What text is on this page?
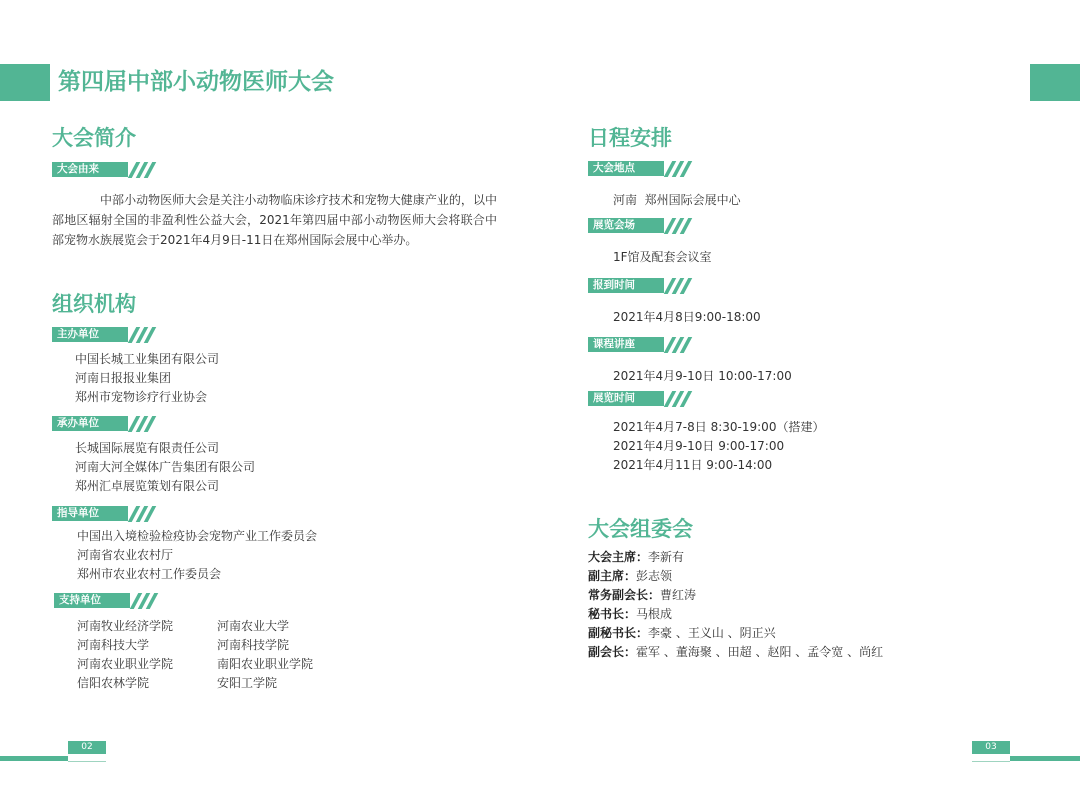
第四届中部小动物医师大会
大会简介
大会由来
中部小动物医师大会是关注小动物临床诊疗技术和宠物大健康产业的，以中部地区辐射全国的非盈利性公益大会，2021年第四届中部小动物医师大会将联合中部宠物水族展览会于2021年4月9日-11日在郑州国际会展中心举办。
组织机构
主办单位
中国长城工业集团有限公司
河南日报报业集团
郑州市宠物诊疗行业协会
承办单位
长城国际展览有限责任公司
河南大河全媒体广告集团有限公司
郑州汇卓展览策划有限公司
指导单位
中国出入境检验检疫协会宠物产业工作委员会
河南省农业农村厅
郑州市农业农村工作委员会
支持单位
河南牧业经济学院	河南农业大学
河南科技大学	河南科技学院
河南农业职业学院	南阳农业职业学院
信阳农林学院	安阳工学院
日程安排
大会地点
河南  郑州国际会展中心
展览会场
1F馆及配套会议室
报到时间
2021年4月8日9:00-18:00
课程讲座
2021年4月9-10日 10:00-17:00
展览时间
2021年4月7-8日 8:30-19:00（搭建）
2021年4月9-10日 9:00-17:00
2021年4月11日 9:00-14:00
大会组委会
大会主席：李新有
副主席：彭志领
常务副会长：曹红涛
秘书长：马根成
副秘书长：李豪 、王义山 、阴正兴
副会长：霍军 、董海聚 、田超 、赵阳 、孟令宽 、尚红
02	03
